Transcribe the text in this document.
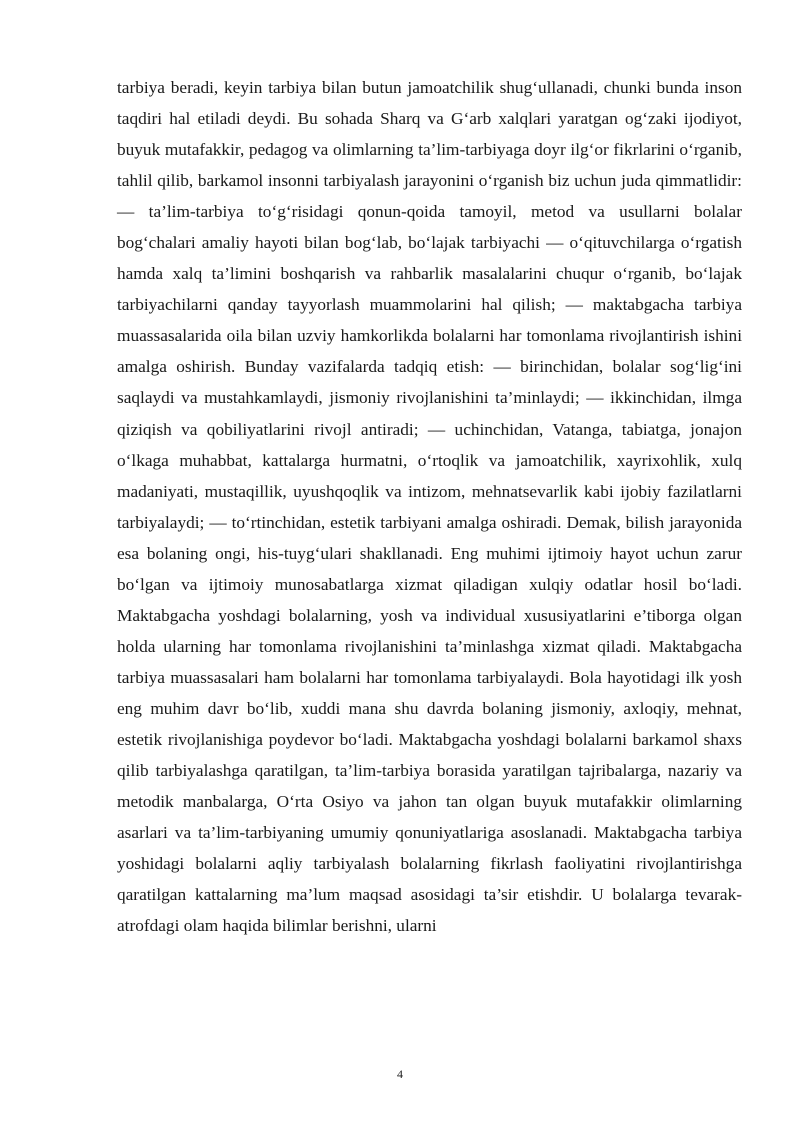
tarbiya beradi, keyin tarbiya bilan butun jamoatchilik shug‘ullanadi, chunki bunda inson taqdiri hal etiladi deydi. Bu sohada Sharq va G‘arb xalqlari yaratgan og‘zaki ijodiyot, buyuk mutafakkir, pedagog va olimlarning ta’lim-tarbiyaga doyr ilg‘or fikrlarini o‘rganib, tahlil qilib, barkamol insonni tarbiyalash jarayonini o‘rganish biz uchun juda qimmatlidir: — ta’lim-tarbiya to‘g‘risidagi qonun-qoida tamoyil, metod va usullarni bolalar bog‘chalari amaliy hayoti bilan bog‘lab, bo‘lajak tarbiyachi — o‘qituvchilarga o‘rgatish hamda xalq ta’limini boshqarish va rahbarlik masalalarini chuqur o‘rganib, bo‘lajak tarbiyachilarni qanday tayyorlash muammolarini hal qilish; — maktabgacha tarbiya muassasalarida oila bilan uzviy hamkorlikda bolalarni har tomonlama rivojlantirish ishini amalga oshirish. Bunday vazifalarda tadqiq etish: — birinchidan, bolalar sog‘lig‘ini saqlaydi va mustahkamlaydi, jismoniy rivojlanishini ta’minlaydi; — ikkinchidan, ilmga qiziqish va qobiliyatlarini rivojl antiradi; — uchinchidan, Vatanga, tabiatga, jonajon o‘lkaga muhabbat, kattalarga hurmatni, o‘rtoqlik va jamoatchilik, xayrixohlik, xulq madaniyati, mustaqillik, uyushqoqlik va intizom, mehnatsevarlik kabi ijobiy fazilatlarni tarbiyalaydi; — to‘rtinchidan, estetik tarbiyani amalga oshiradi. Demak, bilish jarayonida esa bolaning ongi, his-tuyg‘ulari shakllanadi. Eng muhimi ijtimoiy hayot uchun zarur bo‘lgan va ijtimoiy munosabatlarga xizmat qiladigan xulqiy odatlar hosil bo‘ladi. Maktabgacha yoshdagi bolalarning, yosh va individual xususiyatlarini e’tiborga olgan holda ularning har tomonlama rivojlanishini ta’minlashga xizmat qiladi. Maktabgacha tarbiya muassasalari ham bolalarni har tomonlama tarbiyalaydi. Bola hayotidagi ilk yosh eng muhim davr bo‘lib, xuddi mana shu davrda bolaning jismoniy, axloqiy, mehnat, estetik rivojlanishiga poydevor bo‘ladi. Maktabgacha yoshdagi bolalarni barkamol shaxs qilib tarbiyalashga qaratilgan, ta’lim-tarbiya borasida yaratilgan tajribalarga, nazariy va metodik manbalarga, O‘rta Osiyo va jahon tan olgan buyuk mutafakkir olimlarning asarlari va ta’lim-tarbiyaning umumiy qonuniyatlariga asoslanadi. Maktabgacha tarbiya yoshidagi bolalarni aqliy tarbiyalash bolalarning fikrlash faoliyatini rivojlantirishga qaratilgan kattalarning ma’lum maqsad asosidagi ta’sir etishdir. U bolalarga tevarak-atrofdagi olam haqida bilimlar berishni, ularni

4
